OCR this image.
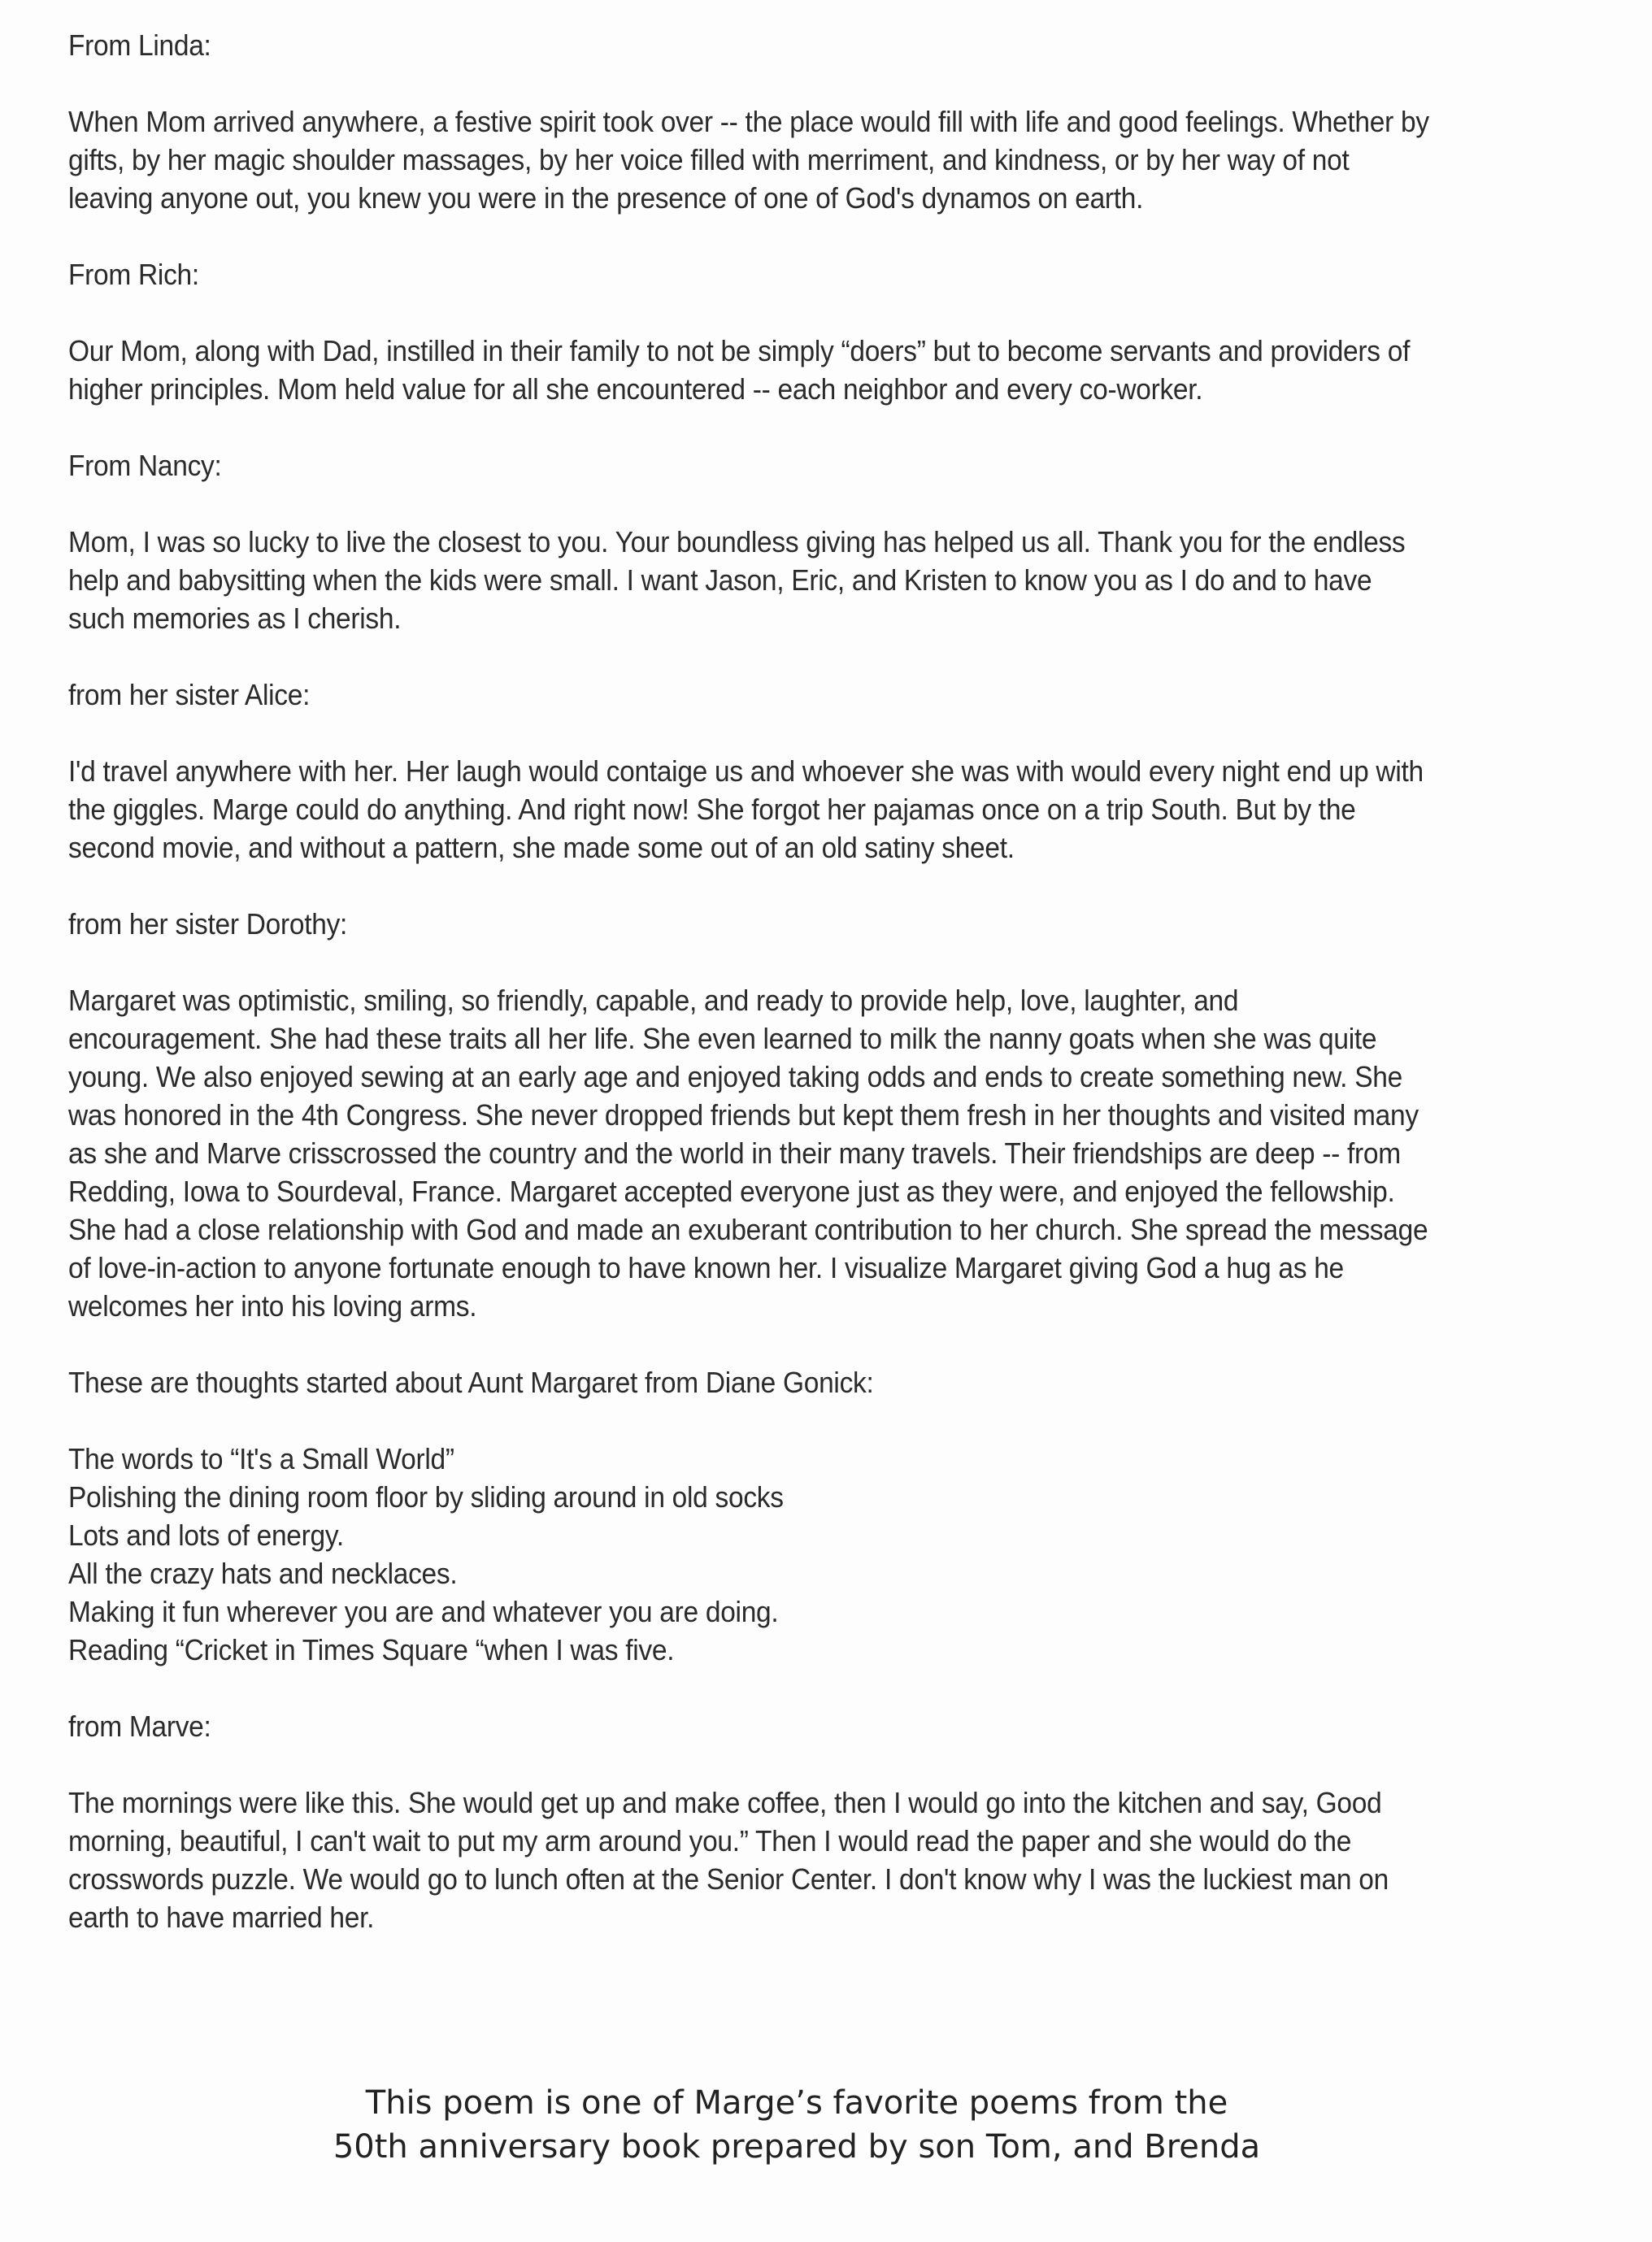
From Linda:

When Mom arrived anywhere, a festive spirit took over -- the place would fill with life and good feelings. Whether by gifts, by her magic shoulder massages, by her voice filled with merriment, and kindness, or by her way of not leaving anyone out, you knew you were in the presence of one of God's dynamos on earth.

From Rich:

Our Mom, along with Dad, instilled in their family to not be simply “doers” but to become servants and providers of higher principles. Mom held value for all she encountered -- each neighbor and every co-worker.

From Nancy:

Mom, I was so lucky to live the closest to you. Your boundless giving has helped us all. Thank you for the endless help and babysitting when the kids were small. I want Jason, Eric, and Kristen to know you as I do and to have such memories as I cherish.

from her sister Alice:

I'd travel anywhere with her. Her laugh would contaige us and whoever she was with would every night end up with the giggles. Marge could do anything. And right now! She forgot her pajamas once on a trip South. But by the second movie, and without a pattern, she made some out of an old satiny sheet.

from her sister Dorothy:

Margaret was optimistic, smiling, so friendly, capable, and ready to provide help, love, laughter, and encouragement. She had these traits all her life. She even learned to milk the nanny goats when she was quite young. We also enjoyed sewing at an early age and enjoyed taking odds and ends to create something new. She was honored in the 4th Congress. She never dropped friends but kept them fresh in her thoughts and visited many as she and Marve crisscrossed the country and the world in their many travels. Their friendships are deep -- from Redding, Iowa to Sourdeval, France. Margaret accepted everyone just as they were, and enjoyed the fellowship. She had a close relationship with God and made an exuberant contribution to her church. She spread the message of love-in-action to anyone fortunate enough to have known her. I visualize Margaret giving God a hug as he welcomes her into his loving arms.

These are thoughts started about Aunt Margaret from Diane Gonick:

The words to “It's a Small World”
Polishing the dining room floor by sliding around in old socks
Lots and lots of energy.
All the crazy hats and necklaces.
Making it fun wherever you are and whatever you are doing.
Reading “Cricket in Times Square “when I was five.

from Marve:

The mornings were like this. She would get up and make coffee, then I would go into the kitchen and say, Good morning, beautiful, I can't wait to put my arm around you.” Then I would read the paper and she would do the crosswords puzzle. We would go to lunch often at the Senior Center. I don't know why I was the luckiest man on earth to have married her.

This poem is one of Marge’s favorite poems from the
50th anniversary book prepared by son Tom, and Brenda
